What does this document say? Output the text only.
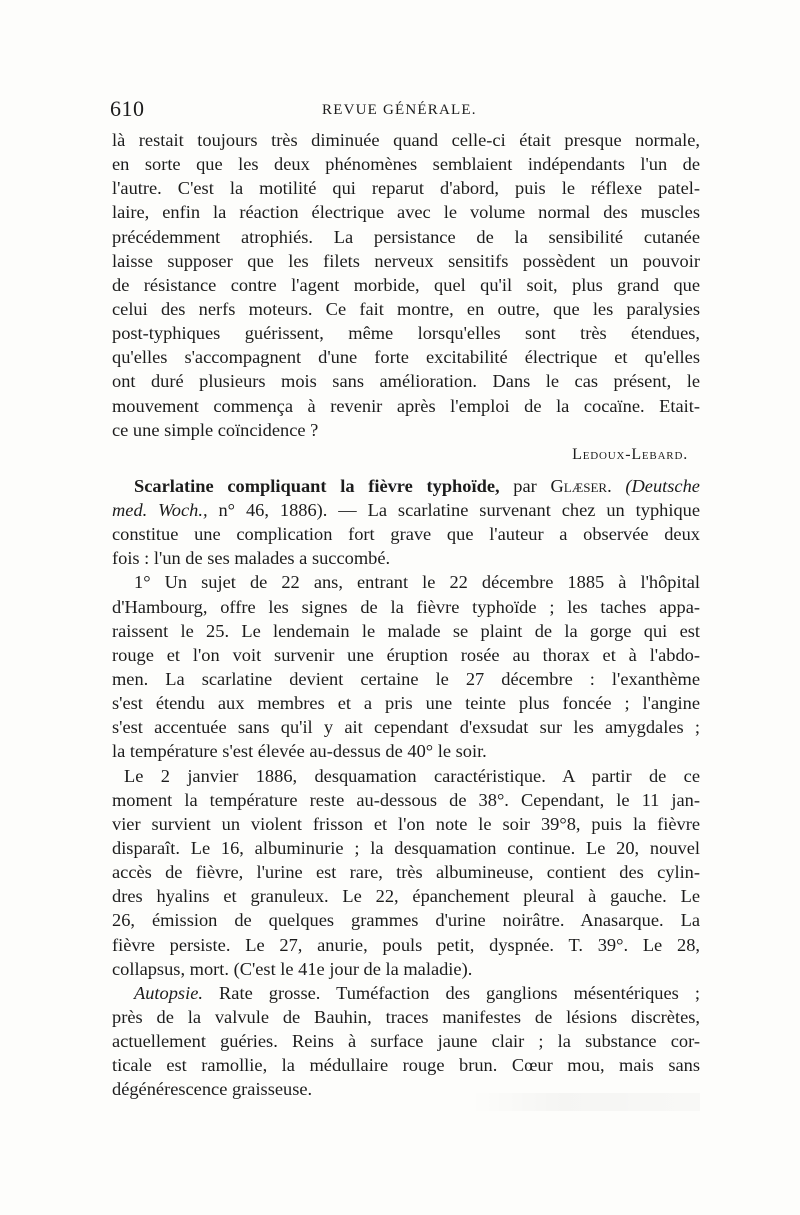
610	REVUE GÉNÉRALE.
là restait toujours très diminuée quand celle-ci était presque normale,
en sorte que les deux phénomènes semblaient indépendants l'un de
l'autre. C'est la motilité qui reparut d'abord, puis le réflexe patel-
laire, enfin la réaction électrique avec le volume normal des muscles
précédemment atrophiés. La persistance de la sensibilité cutanée
laisse supposer que les filets nerveux sensitifs possèdent un pouvoir
de résistance contre l'agent morbide, quel qu'il soit, plus grand que
celui des nerfs moteurs. Ce fait montre, en outre, que les paralysies
post-typhiques guérissent, même lorsqu'elles sont très étendues,
qu'elles s'accompagnent d'une forte excitabilité électrique et qu'elles
ont duré plusieurs mois sans amélioration. Dans le cas présent, le
mouvement commença à revenir après l'emploi de la cocaïne. Etait-
ce une simple coïncidence ?
Ledoux-Lebard.
Scarlatine compliquant la fièvre typhoïde, par Glæser. (Deutsche
med. Woch., n° 46, 1886). — La scarlatine survenant chez un typhique
constitue une complication fort grave que l'auteur a observée deux
fois : l'un de ses malades a succombé.
1° Un sujet de 22 ans, entrant le 22 décembre 1885 à l'hôpital
d'Hambourg, offre les signes de la fièvre typhoïde ; les taches appa-
raissent le 25. Le lendemain le malade se plaint de la gorge qui est
rouge et l'on voit survenir une éruption rosée au thorax et à l'abdo-
men. La scarlatine devient certaine le 27 décembre : l'exanthème
s'est étendu aux membres et a pris une teinte plus foncée ; l'angine
s'est accentuée sans qu'il y ait cependant d'exsudat sur les amygdales ;
la température s'est élevée au-dessus de 40° le soir.
Le 2 janvier 1886, desquamation caractéristique. A partir de ce
moment la température reste au-dessous de 38°. Cependant, le 11 jan-
vier survient un violent frisson et l'on note le soir 39°8, puis la fièvre
disparaît. Le 16, albuminurie ; la desquamation continue. Le 20, nouvel
accès de fièvre, l'urine est rare, très albumineuse, contient des cylin-
dres hyalins et granuleux. Le 22, épanchement pleural à gauche. Le
26, émission de quelques grammes d'urine noirâtre. Anasarque. La
fièvre persiste. Le 27, anurie, pouls petit, dyspnée. T. 39°. Le 28,
collapsus, mort. (C'est le 41e jour de la maladie).
Autopsie. Rate grosse. Tuméfaction des ganglions mésentériques ;
près de la valvule de Bauhin, traces manifestes de lésions discrètes,
actuellement guéries. Reins à surface jaune clair ; la substance cor-
ticale est ramollie, la médullaire rouge brun. Cœur mou, mais sans
dégénérescence graisseuse.
